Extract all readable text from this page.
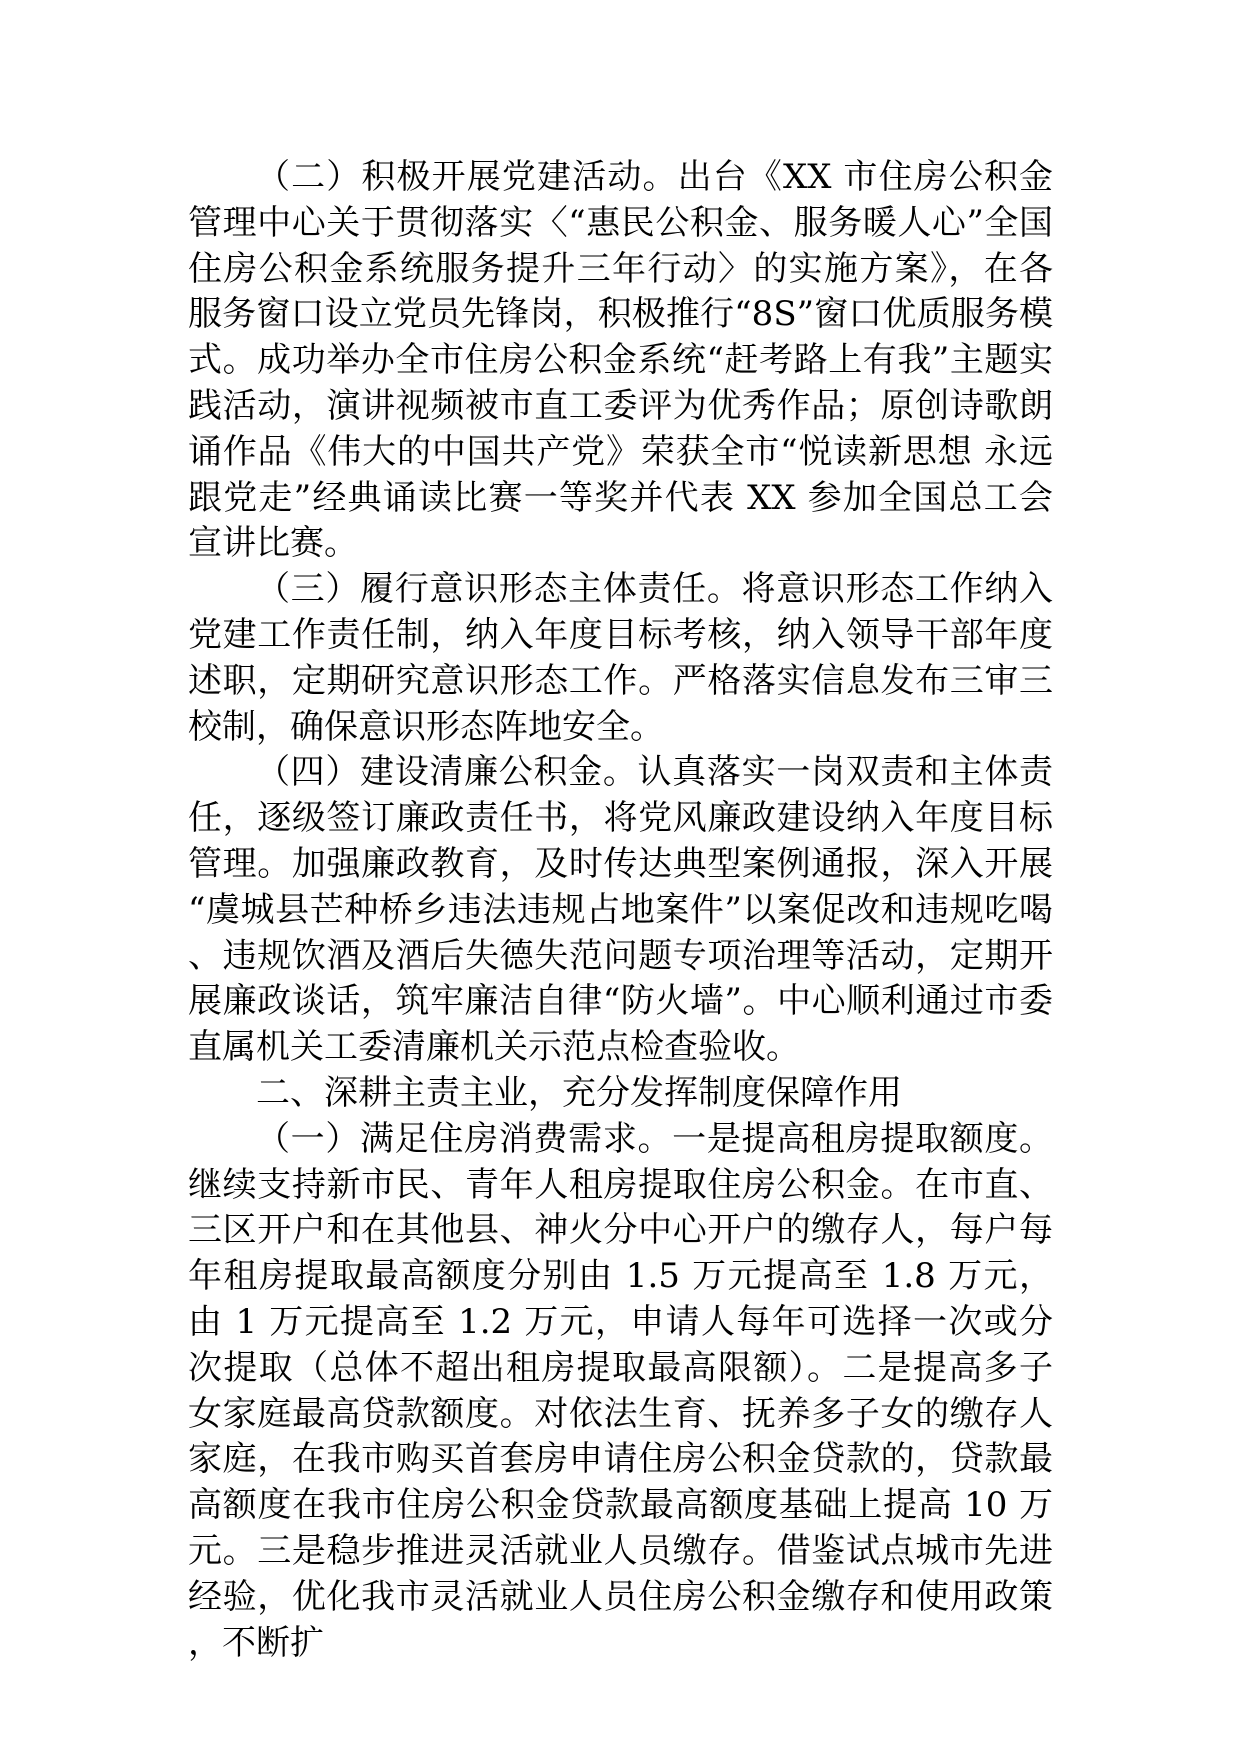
（二）积极开展党建活动。出台《XX 市住房公积金管理中心关于贯彻落实〈“惠民公积金、服务暖人心”全国住房公积金系统服务提升三年行动〉的实施方案》，在各服务窗口设立党员先锋岗，积极推行“8S”窗口优质服务模式。成功举办全市住房公积金系统“赶考路上有我”主题实践活动，演讲视频被市直工委评为优秀作品；原创诗歌朗诵作品《伟大的中国共产党》荣获全市“悦读新思想 永远跟党走”经典诵读比赛一等奖并代表 XX 参加全国总工会宣讲比赛。

（三）履行意识形态主体责任。将意识形态工作纳入党建工作责任制，纳入年度目标考核，纳入领导干部年度述职，定期研究意识形态工作。严格落实信息发布三审三校制，确保意识形态阵地安全。

（四）建设清廉公积金。认真落实一岗双责和主体责任，逐级签订廉政责任书，将党风廉政建设纳入年度目标管理。加强廉政教育，及时传达典型案例通报，深入开展“虞城县芒种桥乡违法违规占地案件”以案促改和违规吃喝、违规饮酒及酒后失德失范问题专项治理等活动，定期开展廉政谈话，筑牢廉洁自律“防火墙”。中心顺利通过市委直属机关工委清廉机关示范点检查验收。

二、深耕主责主业，充分发挥制度保障作用

（一）满足住房消费需求。一是提高租房提取额度。继续支持新市民、青年人租房提取住房公积金。在市直、三区开户和在其他县、神火分中心开户的缴存人，每户每年租房提取最高额度分别由 1.5 万元提高至 1.8 万元，由 1 万元提高至 1.2 万元，申请人每年可选择一次或分次提取（总体不超出租房提取最高限额）。二是提高多子女家庭最高贷款额度。对依法生育、抚养多子女的缴存人家庭，在我市购买首套房申请住房公积金贷款的，贷款最高额度在我市住房公积金贷款最高额度基础上提高 10 万元。三是稳步推进灵活就业人员缴存。借鉴试点城市先进经验，优化我市灵活就业人员住房公积金缴存和使用政策，不断扩
